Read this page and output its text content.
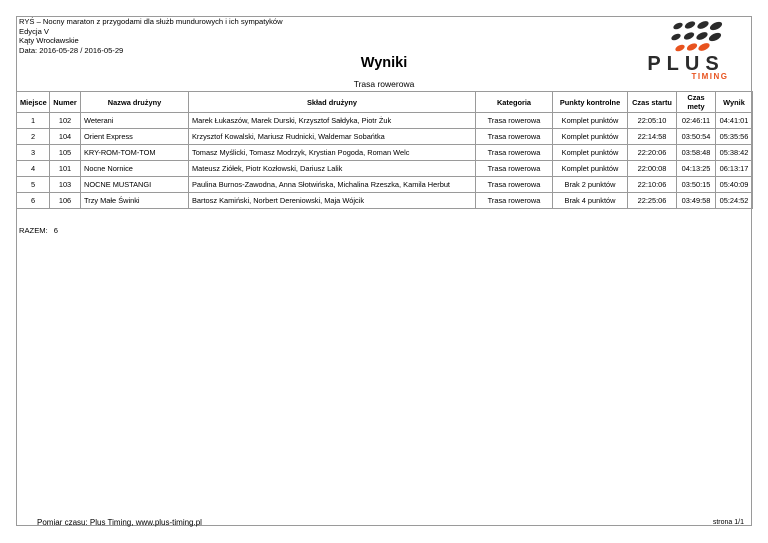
RYŚ – Nocny maraton z przygodami dla służb mundurowych i ich sympatyków
Edycja V
Kąty Wrocławskie
Data: 2016-05-28 / 2016-05-29
PLUS
TIMING
Wyniki
Trasa rowerowa
Miejsce	Numer	Nazwa drużyny	Skład drużyny	Kategoria	Punkty kontrolne	Czas startu	Czas mety	Wynik
1	102	Weterani	Marek Łukaszów, Marek Durski, Krzysztof Sałdyka, Piotr Żuk	Trasa rowerowa	Komplet punktów	22:05:10	02:46:11	04:41:01
2	104	Orient Express	Krzysztof Kowalski, Mariusz Rudnicki, Waldemar Sobańtka	Trasa rowerowa	Komplet punktów	22:14:58	03:50:54	05:35:56
3	105	KRY-ROM-TOM-TOM	Tomasz Myślicki, Tomasz Modrzyk, Krystian Pogoda, Roman Welc	Trasa rowerowa	Komplet punktów	22:20:06	03:58:48	05:38:42
4	101	Nocne Nornice	Mateusz Ziółek, Piotr Kozłowski, Dariusz Lalik	Trasa rowerowa	Komplet punktów	22:00:08	04:13:25	06:13:17
5	103	NOCNE MUSTANGI	Paulina Burnos-Zawodna, Anna Słotwińska, Michalina Rzeszka, Kamila Herbut	Trasa rowerowa	Brak 2 punktów	22:10:06	03:50:15	05:40:09
6	106	Trzy Małe Świnki	Bartosz Kamiński, Norbert Dereniowski, Maja Wójcik	Trasa rowerowa	Brak 4 punktów	22:25:06	03:49:58	05:24:52
RAZEM: 6
Pomiar czasu: Plus Timing, www.plus-timing.pl	strona 1/1
